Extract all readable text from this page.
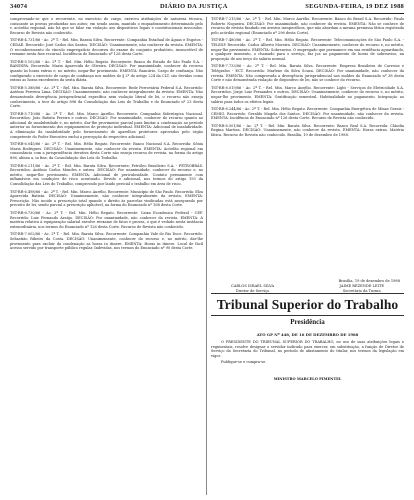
34074	DIÁRIO DA JUSTIÇA	SEGUNDA-FEIRA, 19 DEZ 1988

comprovando-se que o recorrente, no exercício do cargo, exerceu atribuições de natureza técnica, consoante as provas produzidas nos autos; em sendo assim, mantido o enquadramento determinado pelo v. acórdão regional, não há que se falar em violação aos dispositivos legais e constitucionais invocados. Recurso de Revista não conhecido.

TST-RR-4.731/86 - Ac. 2ª T. - Rel. Min. Barata Silva. Recorrente: Companhia Estadual de Águas e Esgotos - CEDAE. Recorrido: José Carlos dos Santos. DECISÃO: Unanimemente, não conhecer da revista. EMENTA: O reconhecimento do vínculo empregatício decorreu do exame do conjunto probatório, insuscetível de reexame nesta fase recursal. Incidência do Enunciado nº 126 desta Corte.

TST-RR-5.102/86 - Ac. 2ª T. - Rel. Min. Hélio Regato. Recorrente: Banco do Estado de São Paulo S.A. - BANESPA. Recorrida: Maria Aparecida de Oliveira. DECISÃO: Por unanimidade, conhecer do recurso quanto às horas extras e, no mérito, negar-lhe provimento. EMENTA: Bancário. Cargo de confiança. Não configurado o exercício de cargo de confiança nos moldes do § 2º do artigo 224 da CLT, são devidas como extras as horas excedentes da sexta diária.

TST-RR-5.388/86 - Ac. 2ª T. - Rel. Min. Barata Silva. Recorrente: Rede Ferroviária Federal S.A. Recorrido: Antônio Ferreira Lima. DECISÃO: Unanimemente, não conhecer integralmente da revista. EMENTA: Não demonstrada divergência jurisprudencial específica nem violação literal de lei, o recurso não enseja conhecimento, a teor do artigo 896 da Consolidação das Leis do Trabalho e do Enunciado nº 23 desta Corte.

TST-RR-5.710/86 - Ac. 2ª T. - Rel. Min. Marco Aurélio. Recorrente: Companhia Siderúrgica Nacional. Recorridos: João Batista Pereira e outros. DECISÃO: Por unanimidade, conhecer do recurso quanto ao adicional de insalubridade e, no mérito, dar-lhe provimento parcial para limitar a condenação ao período anterior ao fornecimento dos equipamentos de proteção individual. EMENTA: Adicional de insalubridade. A eliminação da insalubridade pelo fornecimento de aparelhos protetores aprovados pelo órgão competente do Poder Executivo exclui a percepção do respectivo adicional.

TST-RR-6.045/86 - Ac. 2ª T. - Rel. Min. Hélio Regato. Recorrente: Banco Nacional S.A. Recorrida: Sônia Maria Rodrigues. DECISÃO: Unanimemente, não conhecer da revista. EMENTA: Acórdão regional em consonância com a jurisprudência iterativa desta Corte não enseja recurso de revista, na forma do artigo 896, alínea a, in fine, da Consolidação das Leis do Trabalho.

TST-RR-6.211/86 - Ac. 2ª T. - Rel. Min. Barata Silva. Recorrente: Petróleo Brasileiro S.A. - PETROBRÁS. Recorridos: Antônio Carlos Mendes e outros. DECISÃO: Por unanimidade, conhecer do recurso e, no mérito, negar-lhe provimento. EMENTA: Adicional de periculosidade. Contato permanente com inflamáveis em condições de risco acentuado. Devido o adicional, nos termos do artigo 193 da Consolidação das Leis do Trabalho, comprovado por laudo pericial o trabalho em área de risco.

TST-RR-6.498/86 - Ac. 2ª T. - Rel. Min. Marco Aurélio. Recorrente: Município de São Paulo. Recorrida: Elza Aparecida Batista. DECISÃO: Unanimemente, não conhecer integralmente da revista. EMENTA: Prescrição. Não incide a prescrição total quando o direito às parcelas vindicadas está assegurado por preceito de lei, sendo parcial a prescrição aplicável, na forma do Enunciado nº 168 desta Corte.

TST-RR-6.730/86 - Ac. 2ª T. - Rel. Min. Hélio Regato. Recorrente: Caixa Econômica Federal - CEF. Recorrido: Luiz Fernando Araújo. DECISÃO: Por unanimidade, não conhecer da revista. EMENTA: A matéria relativa à equiparação salarial envolve reexame de fatos e provas, o que é vedado nesta instância extraordinária, nos termos do Enunciado nº 126 desta Corte. Recurso de Revista não conhecido.

TST-RR-7.002/86 - Ac. 2ª T. - Rel. Min. Barata Silva. Recorrente: Companhia Vale do Rio Doce. Recorrido: Sebastião Ribeiro da Costa. DECISÃO: Unanimemente, conhecer do recurso e, no mérito, dar-lhe provimento para excluir da condenação as horas in itinere. EMENTA: Horas in itinere. Local de fácil acesso servido por transporte público regular. Indevidas, nos termos do Enunciado nº 90 desta Corte.

TST-RR-7.215/86 - Ac. 2ª T. - Rel. Min. Marco Aurélio. Recorrente: Banco do Brasil S.A. Recorrido: Paulo Roberto Nogueira. DECISÃO: Por unanimidade, não conhecer da revista. EMENTA: Não se conhece de recurso de revista fundado em arestos inespecíficos, que não abordam a mesma premissa fática registrada pelo acórdão regional (Enunciado nº 296 desta Corte).

TST-RR-7.480/86 - Ac. 2ª T. - Rel. Min. Hélio Regato. Recorrente: Telecomunicações de São Paulo S.A. - TELESP. Recorrido: Carlos Alberto Moreira. DECISÃO: Unanimemente, conhecer do recurso e, no mérito, negar-lhe provimento. EMENTA: Sobreaviso. O empregado que permanece em sua residência aguardando, a qualquer momento, o chamado para o serviço, faz jus ao pagamento de horas de sobreaviso, na proporção de um terço do salário normal.

TST-RR-7.733/86 - Ac. 2ª T. - Rel. Min. Barata Silva. Recorrente: Empresa Brasileira de Correios e Telégrafos - ECT. Recorrida: Marlene da Silva Souza. DECISÃO: Por unanimidade, não conhecer da revista. EMENTA: Não comprovada a divergência jurisprudencial nos moldes do Enunciado nº 38 desta Corte e não demonstrada violação de dispositivo de lei, não se conhece do recurso.

TST-RR-8.019/86 - Ac. 2ª T. - Rel. Min. Marco Aurélio. Recorrente: Light - Serviços de Eletricidade S.A. Recorridos: Jorge Luiz Fernandes e outros. DECISÃO: Unanimemente, conhecer do recurso e, no mérito, negar-lhe provimento. EMENTA: Gratificação semestral. Habitualidade no pagamento. Integração ao salário para todos os efeitos legais.

TST-RR-8.244/86 - Ac. 2ª T. - Rel. Min. Hélio Regato. Recorrente: Companhia Energética de Minas Gerais - CEMIG. Recorrido: Geraldo Magela dos Santos. DECISÃO: Por unanimidade, não conhecer da revista. EMENTA: Incidência do Enunciado nº 126 desta Corte. Recurso de Revista não conhecido.

TST-RR-8.501/86 - Ac. 2ª T. - Rel. Min. Barata Silva. Recorrente: Banco Real S.A. Recorrida: Cláudia Regina Martins. DECISÃO: Unanimemente, não conhecer da revista. EMENTA: Horas extras. Matéria fática. Recurso de Revista não conhecido. Brasília, 19 de dezembro de 1988.

Brasília, 19 de dezembro de 1988
CARLOS ISRAEL SILVA
Diretor de Serviço
JAIME REZENDE LEITE
Secretário da Turma
Tribunal Superior do Trabalho
Presidência
ATO GP Nº 448, DE 16 DE DEZEMBRO DE 1988

O PRESIDENTE DO TRIBUNAL SUPERIOR DO TRABALHO, no uso de suas atribuições legais e regimentais, resolve designar o servidor indicado para exercer, em substituição, a função de Diretor de Serviço da Secretaria do Tribunal, no período de afastamento do titular, nos termos da legislação em vigor.

Publique-se e cumpra-se.

MINISTRO MARCELO PIMENTEL
